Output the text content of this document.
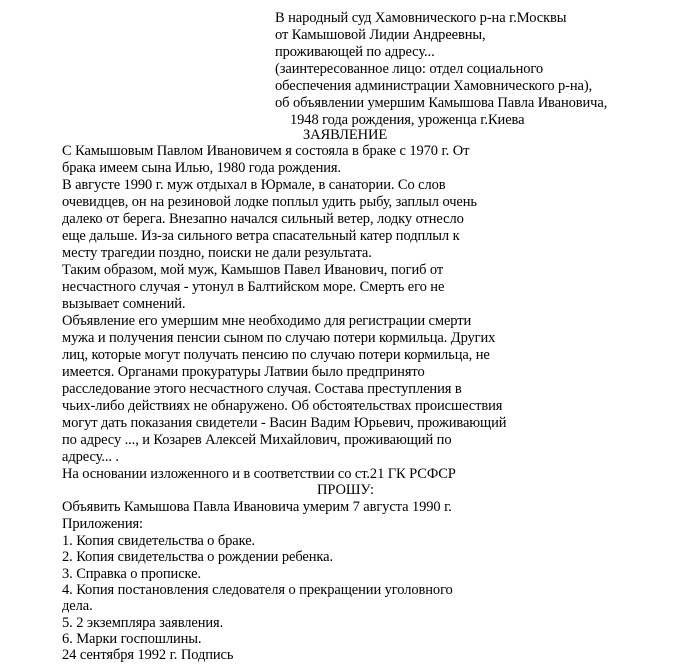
В народный суд Хамовнического р-на г.Москвы
от Камышовой Лидии Андреевны,
проживающей по адресу...
(заинтересованное лицо: отдел социального
обеспечения администрации Хамовнического р-на),
об объявлении умершим Камышова Павла Ивановича,
1948 года рождения, уроженца г.Киева
ЗАЯВЛЕНИЕ
С Камышовым Павлом Ивановичем я состояла в браке с 1970 г. От
брака имеем сына Илью, 1980 года рождения.
В августе 1990 г. муж отдыхал в Юрмале, в санатории. Со слов
очевидцев, он на резиновой лодке поплыл удить рыбу, заплыл очень
далеко от берега. Внезапно начался сильный ветер, лодку отнесло
еще дальше. Из-за сильного ветра спасательный катер подплыл к
месту трагедии поздно, поиски не дали результата.
Таким образом, мой муж, Камышов Павел Иванович, погиб от
несчастного случая - утонул в Балтийском море. Смерть его не
вызывает сомнений.
Объявление его умершим мне необходимо для регистрации смерти
мужа и получения пенсии сыном по случаю потери кормильца. Других
лиц, которые могут получать пенсию по случаю потери кормильца, не
имеется. Органами прокуратуры Латвии было предпринято
расследование этого несчастного случая. Состава преступления в
чьих-либо действиях не обнаружено. Об обстоятельствах происшествия
могут дать показания свидетели - Васин Вадим Юрьевич, проживающий
по адресу ..., и Козарев Алексей Михайлович, проживающий по
адресу... .
На основании изложенного и в соответствии со ст.21 ГК РСФСР
ПРОШУ:
Объявить Камышова Павла Ивановича умерим 7 августа 1990 г.
Приложения:
1. Копия свидетельства о браке.
2. Копия свидетельства о рождении ребенка.
3. Справка о прописке.
4. Копия постановления следователя о прекращении уголовного
дела.
5. 2 экземпляра заявления.
6. Марки госпошлины.
24 сентября 1992 г. Подпись
